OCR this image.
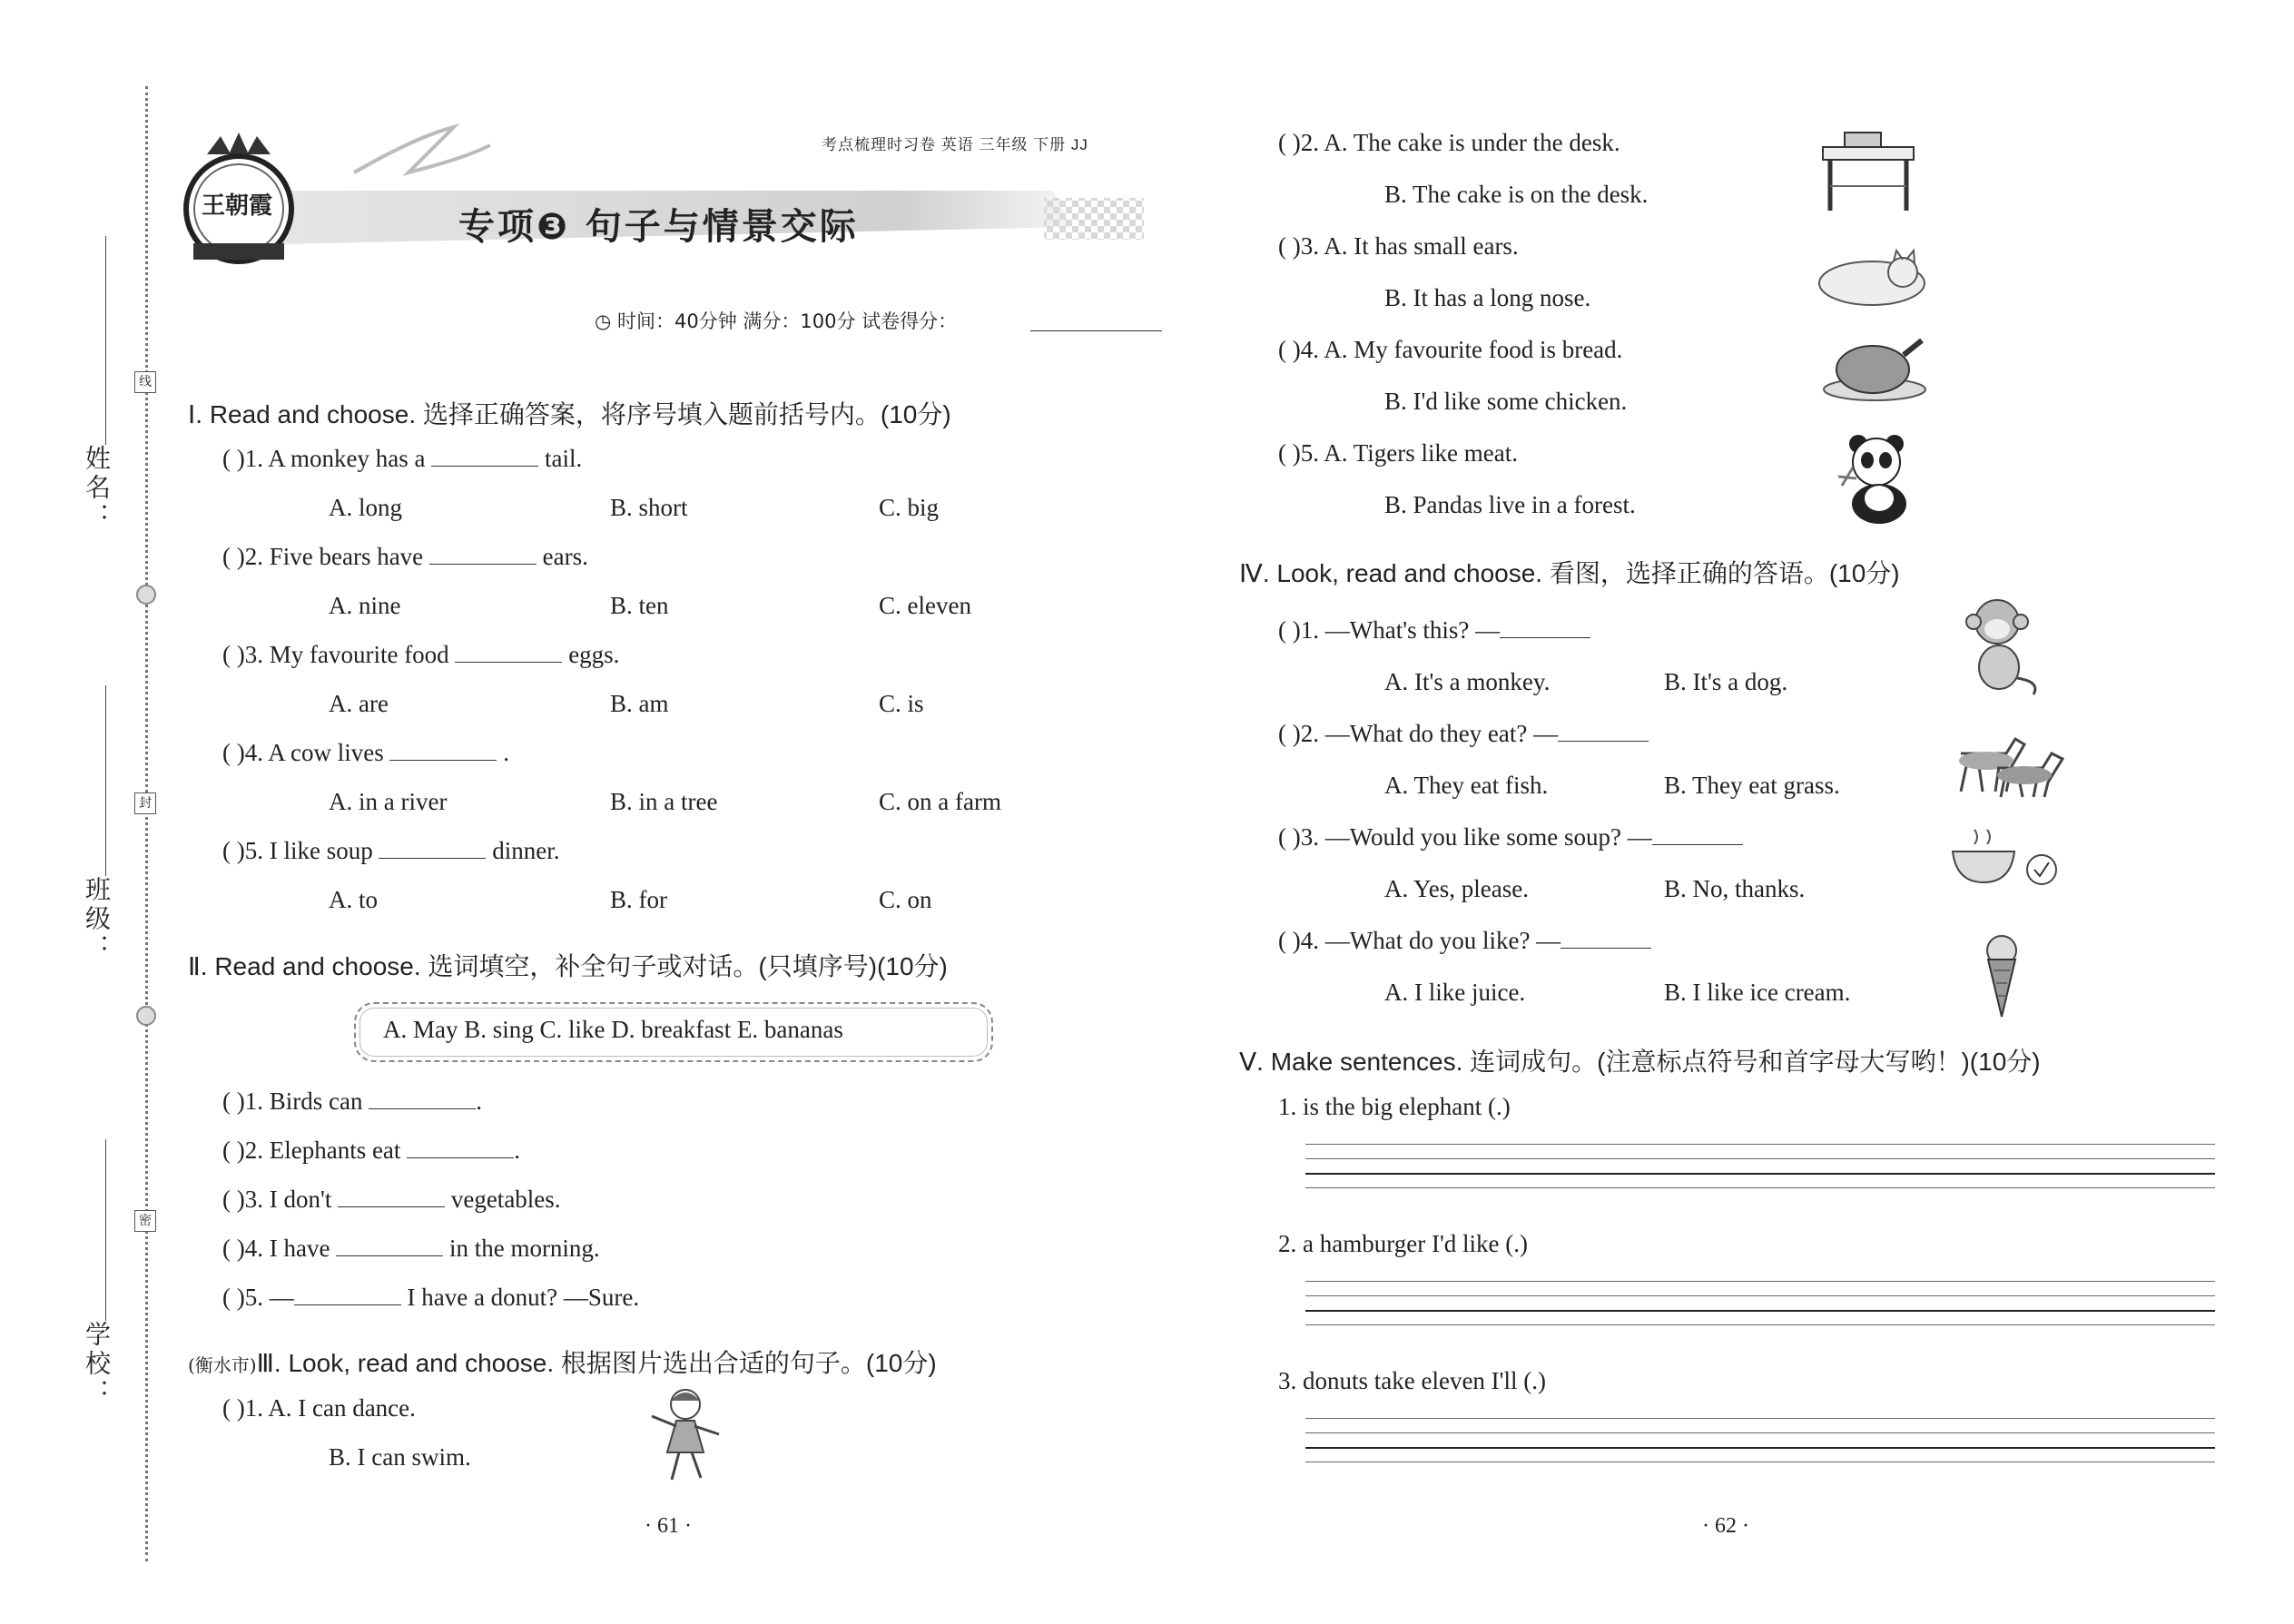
姓名：
班级：
学校：
线
封
密
考点梳理时习卷 英语 三年级 下册 JJ
王朝霞	专项❸ 句子与情景交际
◷ 时间：40分钟 满分：100分 试卷得分：
Ⅰ. Read and choose. 选择正确答案，将序号填入题前括号内。(10分)
( )1. A monkey has a	tail.
A. long	B. short	C. big
( )2. Five bears have	ears.
A. nine	B. ten	C. eleven
( )3. My favourite food	eggs.
A. are	B. am	C. is
( )4. A cow lives	.
A. in a river	B. in a tree	C. on a farm
( )5. I like soup	dinner.
A. to	B. for	C. on
Ⅱ. Read and choose. 选词填空，补全句子或对话。(只填序号)(10分)
A. May B. sing C. like D. breakfast E. bananas
( )1. Birds can	.
( )2. Elephants eat	.
( )3. I don't	vegetables.
( )4. I have	in the morning.
( )5. —	I have a donut? —Sure.
(衡水市)Ⅲ. Look, read and choose. 根据图片选出合适的句子。(10分)
( )1. A. I can dance.
B. I can swim.
· 61 ·
( )2. A. The cake is under the desk.
B. The cake is on the desk.
( )3. A. It has small ears.
B. It has a long nose.
( )4. A. My favourite food is bread.
B. I'd like some chicken.
( )5. A. Tigers like meat.
B. Pandas live in a forest.
Ⅳ. Look, read and choose. 看图，选择正确的答语。(10分)
( )1. —What's this? —
A. It's a monkey.	B. It's a dog.
( )2. —What do they eat? —
A. They eat fish.	B. They eat grass.
( )3. —Would you like some soup? —
A. Yes, please.	B. No, thanks.
( )4. —What do you like? —
A. I like juice.	B. I like ice cream.
Ⅴ. Make sentences. 连词成句。(注意标点符号和首字母大写哟！)(10分)
1. is the big elephant (.)
2. a hamburger I'd like (.)
3. donuts take eleven I'll (.)
· 62 ·
